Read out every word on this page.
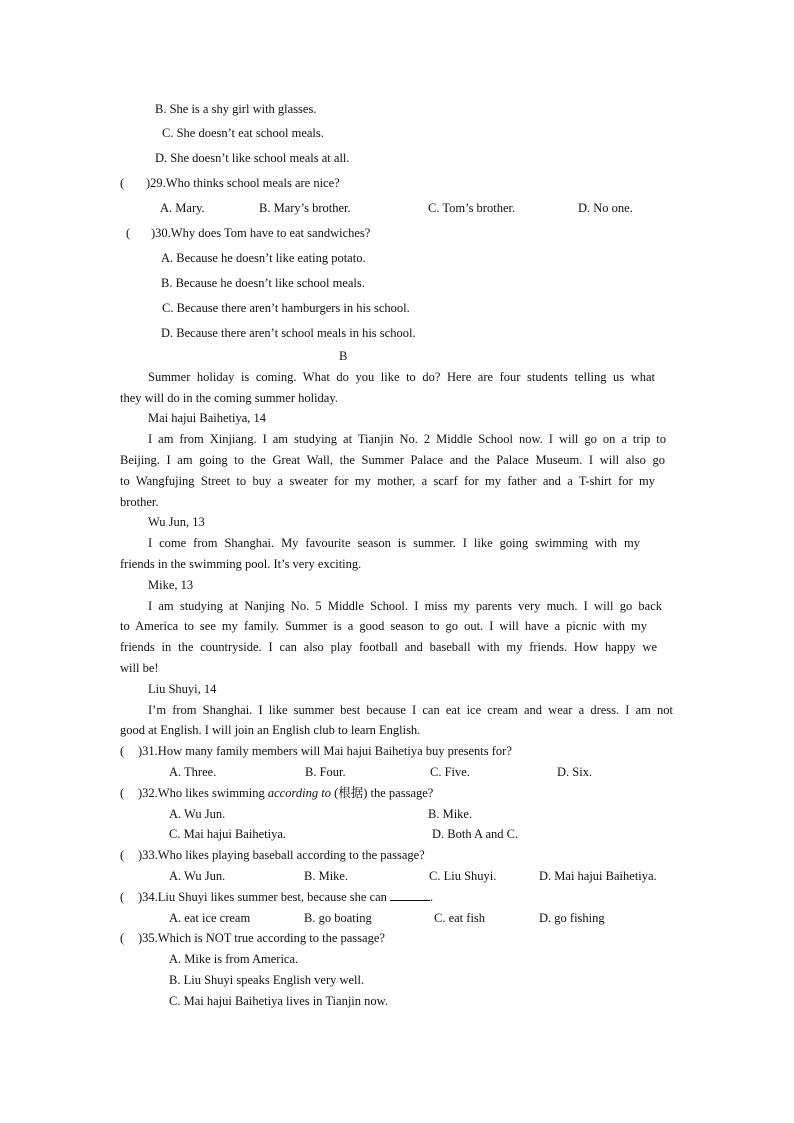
B. She is a shy girl with glasses.
C. She doesn’t eat school meals.
D. She doesn’t like school meals at all.
( )29.Who thinks school meals are nice?
A. Mary.	B. Mary’s brother.	C. Tom’s brother.	D. No one.
( )30.Why does Tom have to eat sandwiches?
A. Because he doesn’t like eating potato.
B. Because he doesn’t like school meals.
C. Because there aren’t hamburgers in his school.
D. Because there aren’t school meals in his school.
B
Summer holiday is coming. What do you like to do? Here are four students telling us what
they will do in the coming summer holiday.
Mai hajui Baihetiya, 14
I am from Xinjiang. I am studying at Tianjin No. 2 Middle School now. I will go on a trip to
Beijing. I am going to the Great Wall, the Summer Palace and the Palace Museum. I will also go
to Wangfujing Street to buy a sweater for my mother, a scarf for my father and a T-shirt for my
brother.
Wu Jun, 13
I come from Shanghai. My favourite season is summer. I like going swimming with my
friends in the swimming pool. It’s very exciting.
Mike, 13
I am studying at Nanjing No. 5 Middle School. I miss my parents very much. I will go back
to America to see my family. Summer is a good season to go out. I will have a picnic with my
friends in the countryside. I can also play football and baseball with my friends. How happy we
will be!
Liu Shuyi, 14
I’m from Shanghai. I like summer best because I can eat ice cream and wear a dress. I am not
good at English. I will join an English club to learn English.
( )31.How many family members will Mai hajui Baihetiya buy presents for?
A. Three.	B. Four.	C. Five.	D. Six.
( )32.Who likes swimming according to (根据) the passage?
A. Wu Jun.	B. Mike.
C. Mai hajui Baihetiya.	D. Both A and C.
( )33.Who likes playing baseball according to the passage?
A. Wu Jun.	B. Mike.	C. Liu Shuyi.	D. Mai hajui Baihetiya.
( )34.Liu Shuyi likes summer best, because she can	.
A. eat ice cream	B. go boating	C. eat fish	D. go fishing
( )35.Which is NOT true according to the passage?
A. Mike is from America.
B. Liu Shuyi speaks English very well.
C. Mai hajui Baihetiya lives in Tianjin now.
